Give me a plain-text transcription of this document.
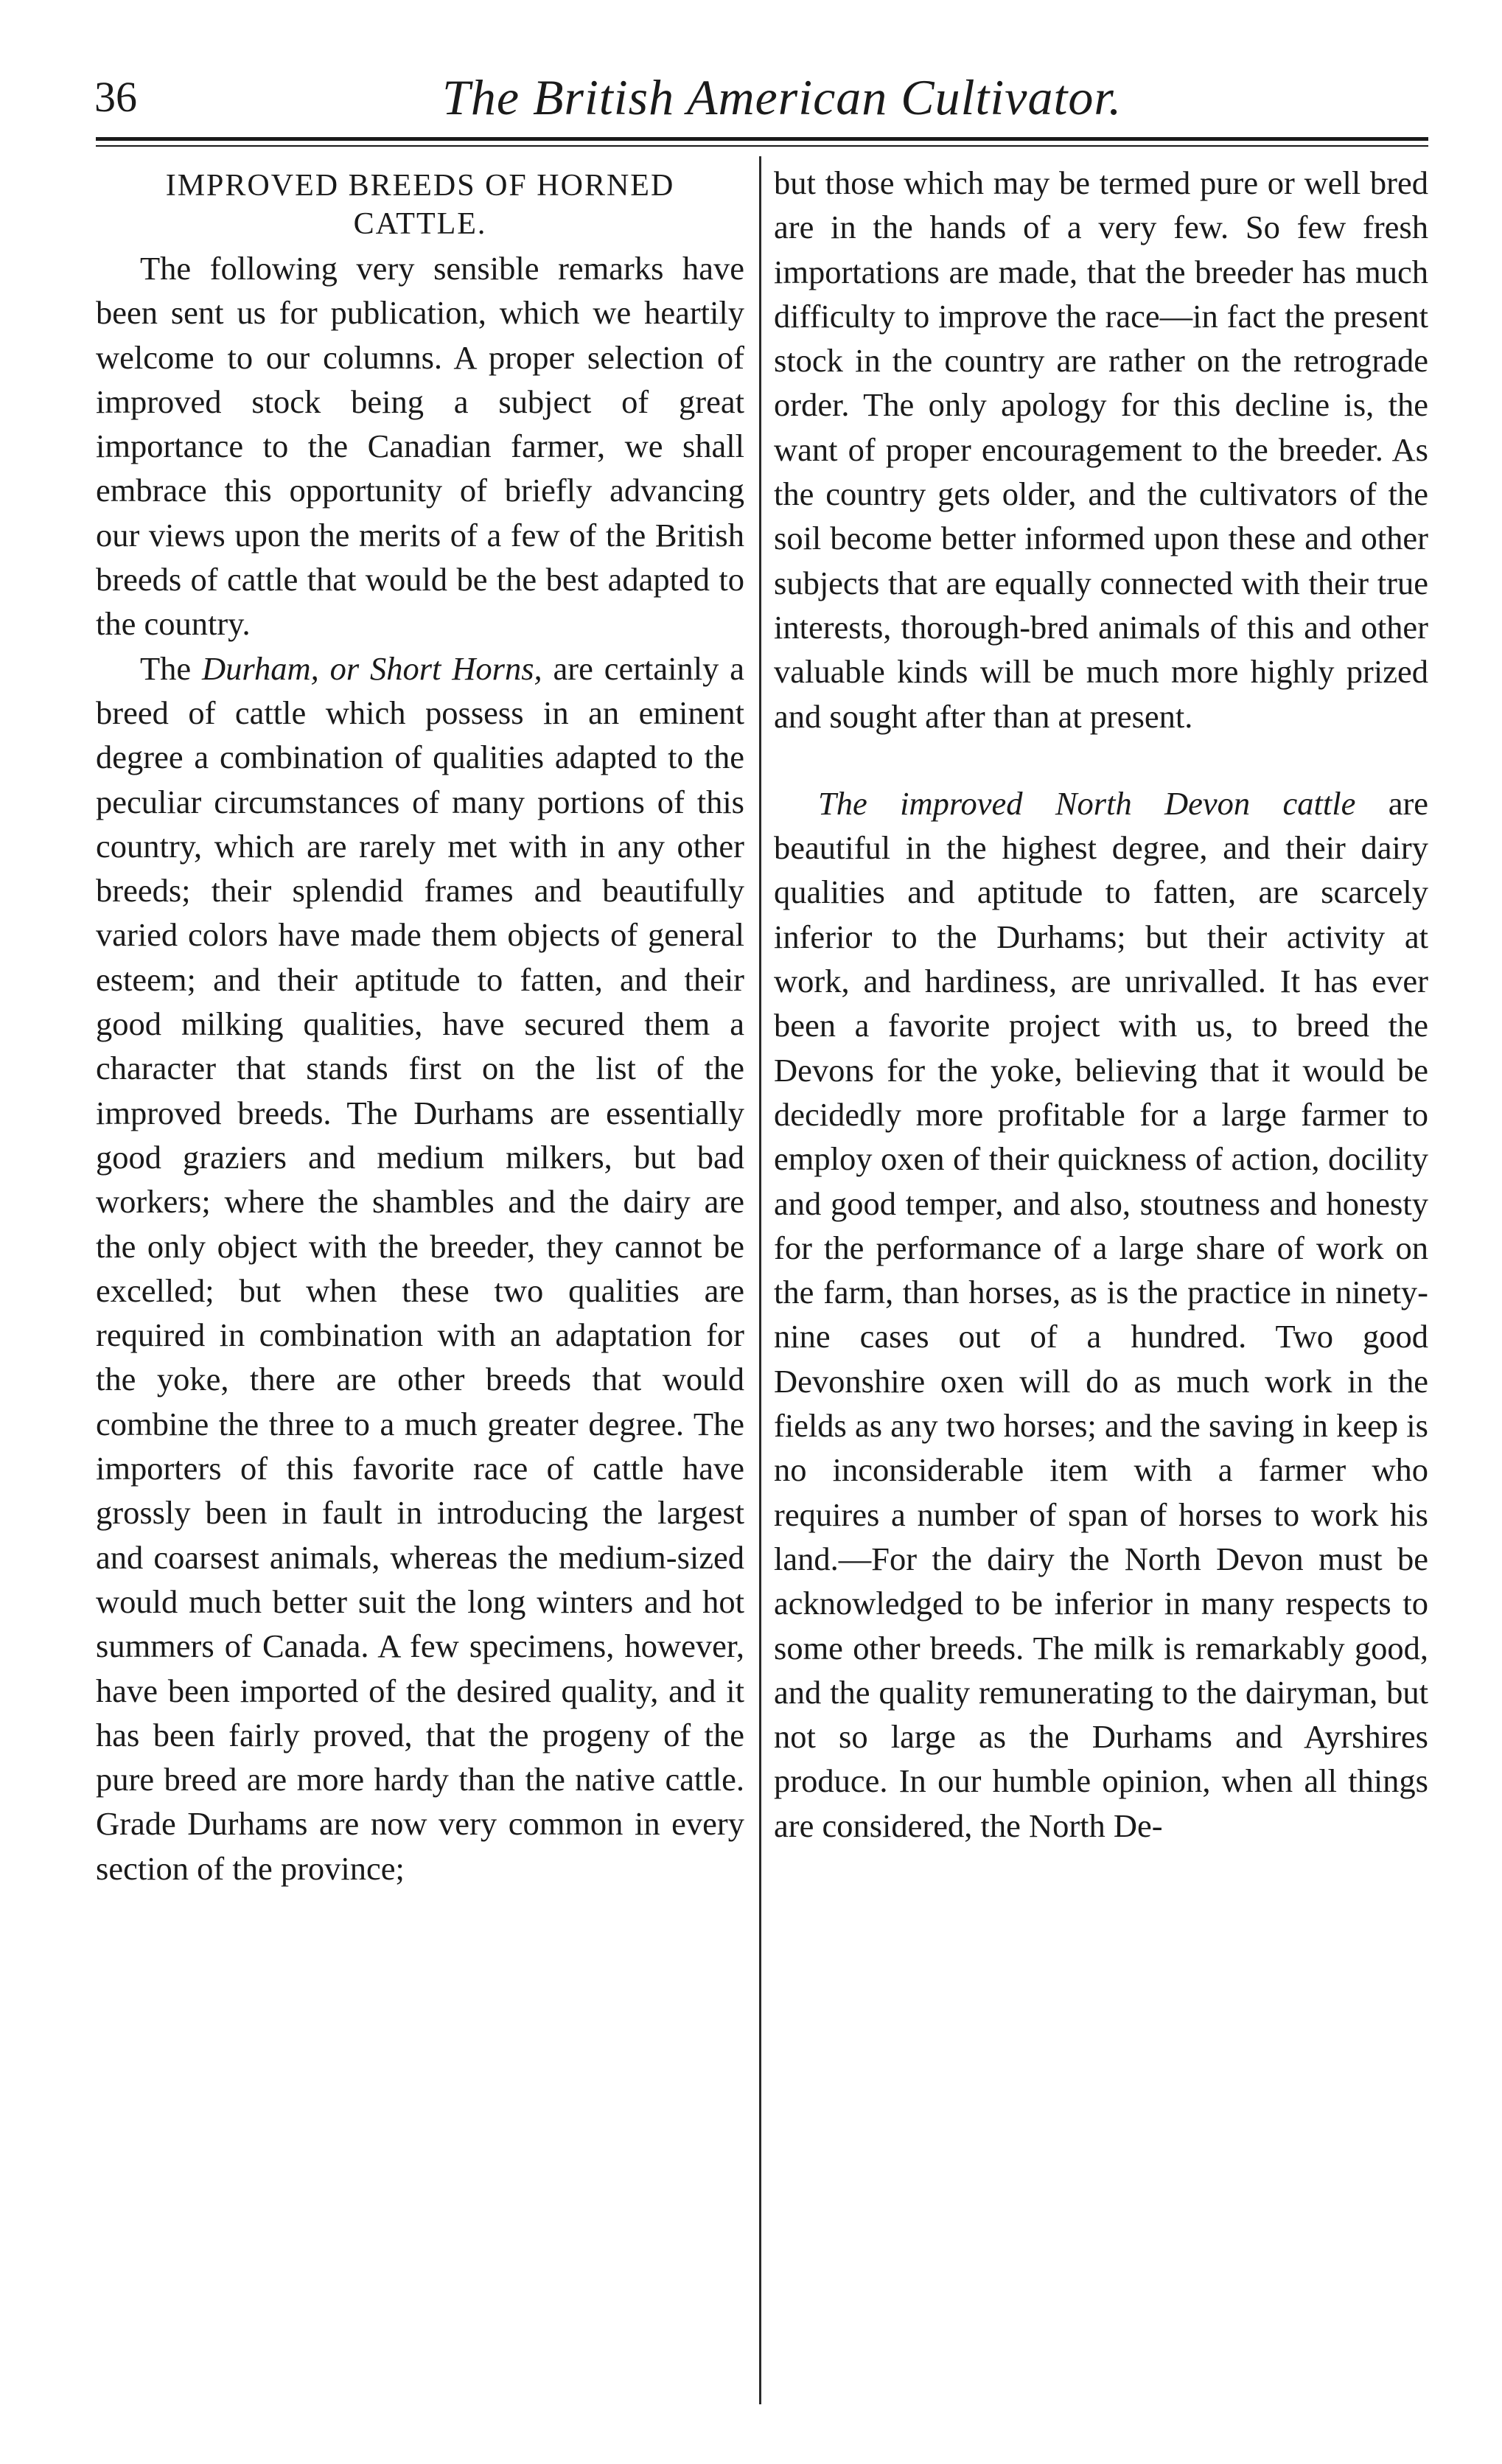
36	The British American Cultivator.
IMPROVED BREEDS OF HORNED
CATTLE.

The following very sensible remarks have been sent us for publication, which we heartily welcome to our columns. A proper selection of improved stock being a subject of great importance to the Canadian farmer, we shall embrace this opportunity of briefly advancing our views upon the merits of a few of the British breeds of cattle that would be the best adapted to the country.

The Durham, or Short Horns, are certainly a breed of cattle which possess in an eminent degree a combination of qualities adapted to the peculiar circumstances of many portions of this country, which are rarely met with in any other breeds; their splendid frames and beautifully varied colors have made them objects of general esteem; and their aptitude to fatten, and their good milking qualities, have secured them a character that stands first on the list of the improved breeds. The Durhams are essentially good graziers and medium milkers, but bad workers; where the shambles and the dairy are the only object with the breeder, they cannot be excelled; but when these two qualities are required in combination with an adaptation for the yoke, there are other breeds that would combine the three to a much greater degree. The importers of this favorite race of cattle have grossly been in fault in introducing the largest and coarsest animals, whereas the medium-sized would much better suit the long winters and hot summers of Canada. A few specimens, however, have been imported of the desired quality, and it has been fairly proved, that the progeny of the pure breed are more hardy than the native cattle. Grade Durhams are now very common in every section of the province;

but those which may be termed pure or well bred are in the hands of a very few. So few fresh importations are made, that the breeder has much difficulty to improve the race—in fact the present stock in the country are rather on the retrograde order. The only apology for this decline is, the want of proper encouragement to the breeder. As the country gets older, and the cultivators of the soil become better informed upon these and other subjects that are equally connected with their true interests, thorough-bred animals of this and other valuable kinds will be much more highly prized and sought after than at present.

The improved North Devon cattle are beautiful in the highest degree, and their dairy qualities and aptitude to fatten, are scarcely inferior to the Durhams; but their activity at work, and hardiness, are unrivalled. It has ever been a favorite project with us, to breed the Devons for the yoke, believing that it would be decidedly more profitable for a large farmer to employ oxen of their quickness of action, docility and good temper, and also, stoutness and honesty for the performance of a large share of work on the farm, than horses, as is the practice in ninety-nine cases out of a hundred. Two good Devonshire oxen will do as much work in the fields as any two horses; and the saving in keep is no inconsiderable item with a farmer who requires a number of span of horses to work his land.—For the dairy the North Devon must be acknowledged to be inferior in many respects to some other breeds. The milk is remarkably good, and the quality remunerating to the dairyman, but not so large as the Durhams and Ayrshires produce. In our humble opinion, when all things are considered, the North De-
